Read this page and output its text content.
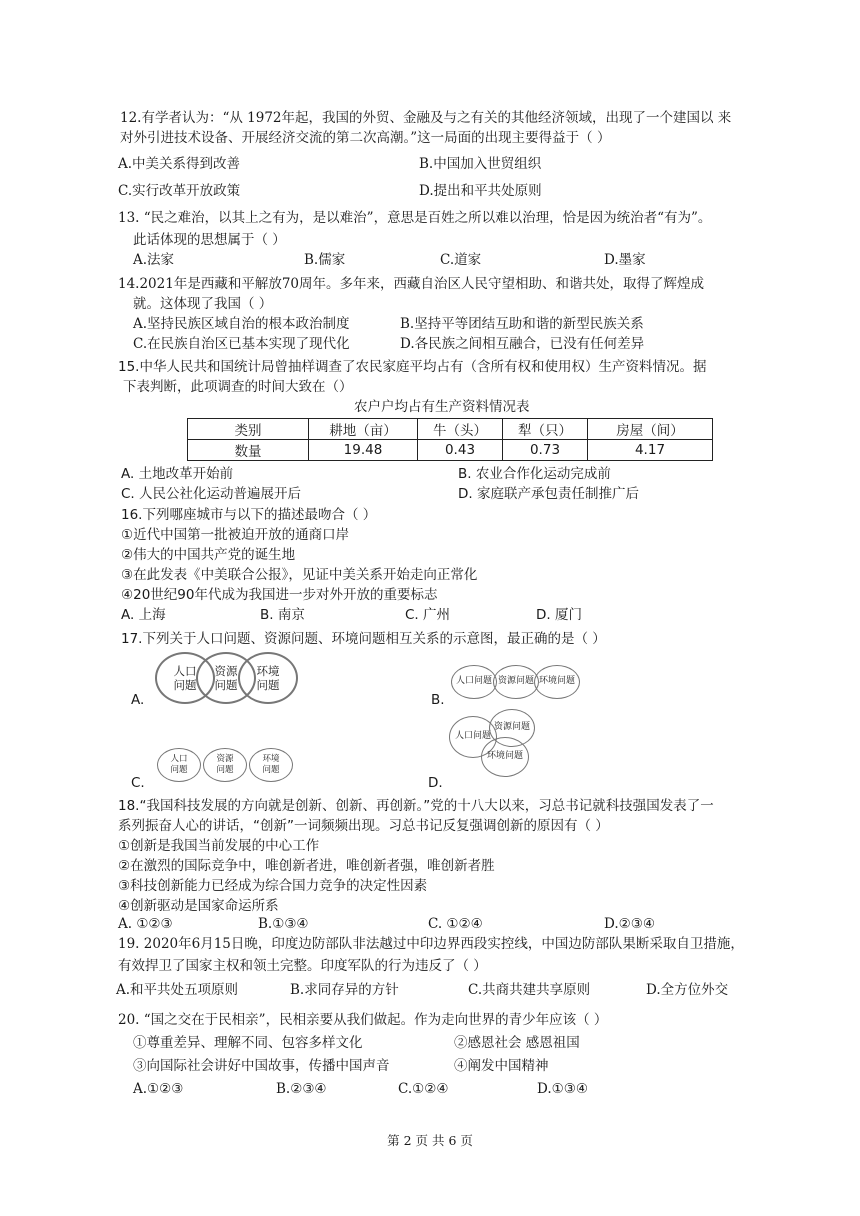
12.有学者认为：“从 1972年起，我国的外贸、金融及与之有关的其他经济领域，出现了一个建国以 来
对外引进技术设备、开展经济交流的第二次高潮。”这一局面的出现主要得益于（ ）
A.中美关系得到改善	B.中国加入世贸组织
C.实行改革开放政策	D.提出和平共处原则
13. “民之难治，以其上之有为，是以难治”，意思是百姓之所以难以治理，恰是因为统治者“有为”。
此话体现的思想属于（ ）
A.法家	B.儒家	C.道家	D.墨家
14.2021年是西藏和平解放70周年。多年来，西藏自治区人民守望相助、和谐共处，取得了辉煌成
就。这体现了我国（ ）
A.坚持民族区域自治的根本政治制度	B.坚持平等团结互助和谐的新型民族关系
C.在民族自治区已基本实现了现代化	D.各民族之间相互融合，已没有任何差异
15.中华人民共和国统计局曾抽样调查了农民家庭平均占有（含所有权和使用权）生产资料情况。据
下表判断，此项调查的时间大致在（）
农户户均占有生产资料情况表
类别	耕地（亩）	牛（头）	犁（只）	房屋（间）
数量	19.48	0.43	0.73	4.17
A. 土地改革开始前	B. 农业合作化运动完成前
C. 人民公社化运动普遍展开后	D. 家庭联产承包责任制推广后
16.下列哪座城市与以下的描述最吻合（ ）
①近代中国第一批被迫开放的通商口岸
②伟大的中国共产党的诞生地
③在此发表《中美联合公报》，见证中美关系开始走向正常化
④20世纪90年代成为我国进一步对外开放的重要标志
A. 上海	B. 南京	C. 广州	D. 厦门
17.下列关于人口问题、资源问题、环境问题相互关系的示意图，最正确的是（ ）
A.
人口问题
资源问题
环境问题
B.
人口问题 资源问题 环境问题
C.
人口问题
资源问题
环境问题
D.
人口问题
资源问题
环境问题
18.“我国科技发展的方向就是创新、创新、再创新。”党的十八大以来，习总书记就科技强国发表了一
系列振奋人心的讲话，“创新”一词频频出现。习总书记反复强调创新的原因有（ ）
①创新是我国当前发展的中心工作
②在激烈的国际竞争中，唯创新者进，唯创新者强，唯创新者胜
③科技创新能力已经成为综合国力竞争的决定性因素
④创新驱动是国家命运所系
A. ①②③	B.①③④	C. ①②④	D.②③④
19. 2020年6月15日晚，印度边防部队非法越过中印边界西段实控线，中国边防部队果断采取自卫措施，
有效捍卫了国家主权和领土完整。印度军队的行为违反了（ ）
A.和平共处五项原则	B.求同存异的方针	C.共商共建共享原则	D.全方位外交
20. “国之交在于民相亲”，民相亲要从我们做起。作为走向世界的青少年应该（ ）
①尊重差异、理解不同、包容多样文化	②感恩社会 感恩祖国
③向国际社会讲好中国故事，传播中国声音	④阐发中国精神
A.①②③	B.②③④	C.①②④	D.①③④
第 2 页 共 6 页
